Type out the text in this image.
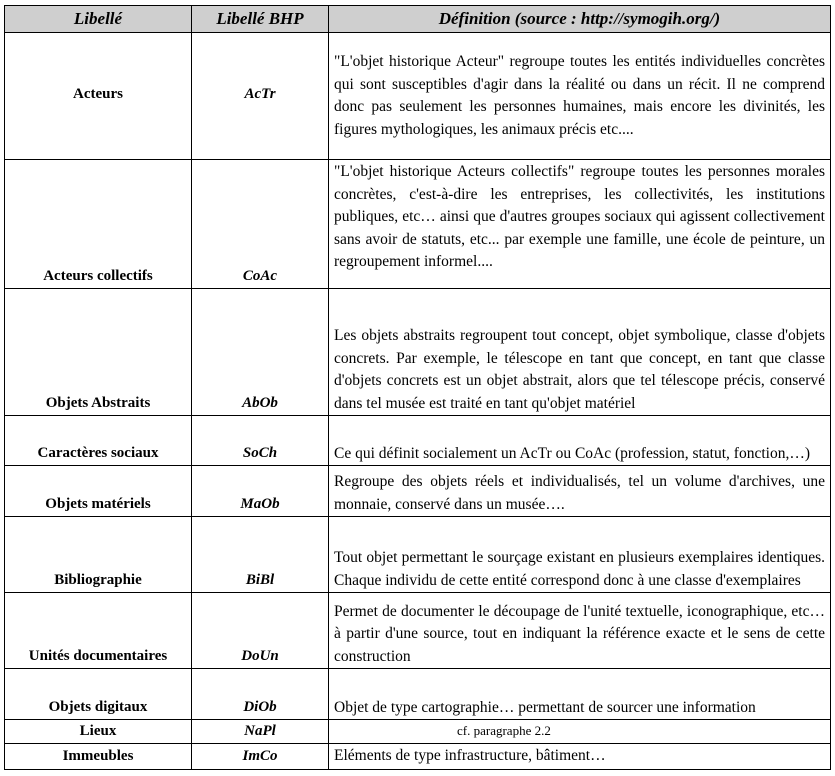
Libellé	Libellé BHP	Définition (source : http://symogih.org/)
Acteurs	AcTr	"L'objet historique Acteur" regroupe toutes les entités individuelles concrètes qui sont susceptibles d'agir dans la réalité ou dans un récit. Il ne comprend donc pas seulement les personnes humaines, mais encore les divinités, les figures mythologiques, les animaux précis etc....
Acteurs collectifs	CoAc	"L'objet historique Acteurs collectifs" regroupe toutes les personnes morales concrètes, c'est-à-dire les entreprises, les collectivités, les institutions publiques, etc… ainsi que d'autres groupes sociaux qui agissent collectivement sans avoir de statuts, etc... par exemple une famille, une école de peinture, un regroupement informel....
Objets Abstraits	AbOb	Les objets abstraits regroupent tout concept, objet symbolique, classe d'objets concrets. Par exemple, le télescope en tant que concept, en tant que classe d'objets concrets est un objet abstrait, alors que tel télescope précis, conservé dans tel musée est traité en tant qu'objet matériel
Caractères sociaux	SoCh	Ce qui définit socialement un AcTr ou CoAc (profession, statut, fonction,…)
Objets matériels	MaOb	Regroupe des objets réels et individualisés, tel un volume d'archives, une monnaie, conservé dans un musée….
Bibliographie	BiBl	Tout objet permettant le sourçage existant en plusieurs exemplaires identiques. Chaque individu de cette entité correspond donc à une classe d'exemplaires
Unités documentaires	DoUn	Permet de documenter le découpage de l'unité textuelle, iconographique, etc… à partir d'une source, tout en indiquant la référence exacte et le sens de cette construction
Objets digitaux	DiOb	Objet de type cartographie… permettant de sourcer une information
Lieux	NaPl	cf. paragraphe 2.2
Immeubles	ImCo	Eléments de type infrastructure, bâtiment…
